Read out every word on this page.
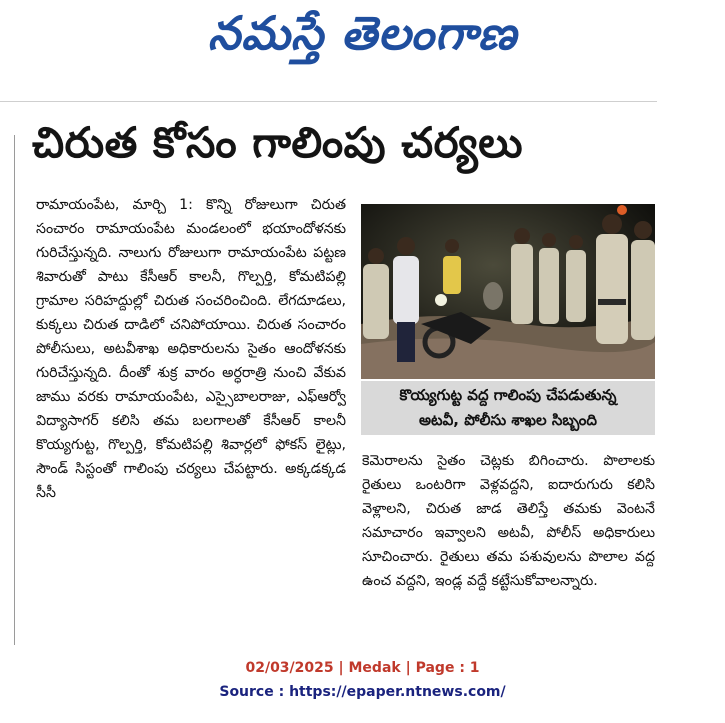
నమస్తే తెలంగాణ
చిరుత కోసం గాలింపు చర్యలు

రామాయంపేట, మార్చి 1: కొన్ని రోజులుగా చిరుత సంచారం రామాయంపేట మండలంలో భయాందోళనకు గురిచేస్తున్నది. నాలుగు రోజులుగా రామాయంపేట పట్టణ శివారుతో పాటు కేసీఆర్ కాలనీ, గొల్పర్తి, కోమటిపల్లి గ్రామాల సరిహద్దుల్లో చిరుత సంచరించింది. లేగదూడలు, కుక్కలు చిరుత దాడిలో చనిపోయాయి. చిరుత సంచారం పోలీసులు, అటవీశాఖ అధికారులను సైతం ఆందోళనకు గురిచేస్తున్నది. దీంతో శుక్ర వారం అర్ధరాత్రి నుంచి వేకువ జాము వరకు రామాయంపేట, ఎస్సైబాలరాజు, ఎఫ్ఆర్వో విద్యాసాగర్ కలిసి తమ బలగాలతో కేసీఆర్ కాలనీ కొయ్యగుట్ట, గొల్పర్తి, కోమటిపల్లి శివార్లలో ఫోకస్ లైట్లు, సౌండ్ సిస్టంతో గాలింపు చర్యలు చేపట్టారు. అక్కడక్కడ సీసీ

కొయ్యగుట్ట వద్ద గాలింపు చేపడుతున్న
అటవీ, పోలీసు శాఖల సిబ్బంది

కెమెరాలను సైతం చెట్లకు బిగించారు. పొలాలకు రైతులు ఒంటరిగా వెళ్లవద్దని, ఐదారుగురు కలిసి వెళ్లాలని, చిరుత జాడ తెలిస్తే తమకు వెంటనే సమాచారం ఇవ్వాలని అటవీ, పోలీస్ అధికారులు సూచించారు. రైతులు తమ పశువులను పొలాల వద్ద ఉంచ వద్దని, ఇండ్ల వద్దే కట్టేసుకోవాలన్నారు.

02/03/2025 | Medak | Page : 1
Source : https://epaper.ntnews.com/
